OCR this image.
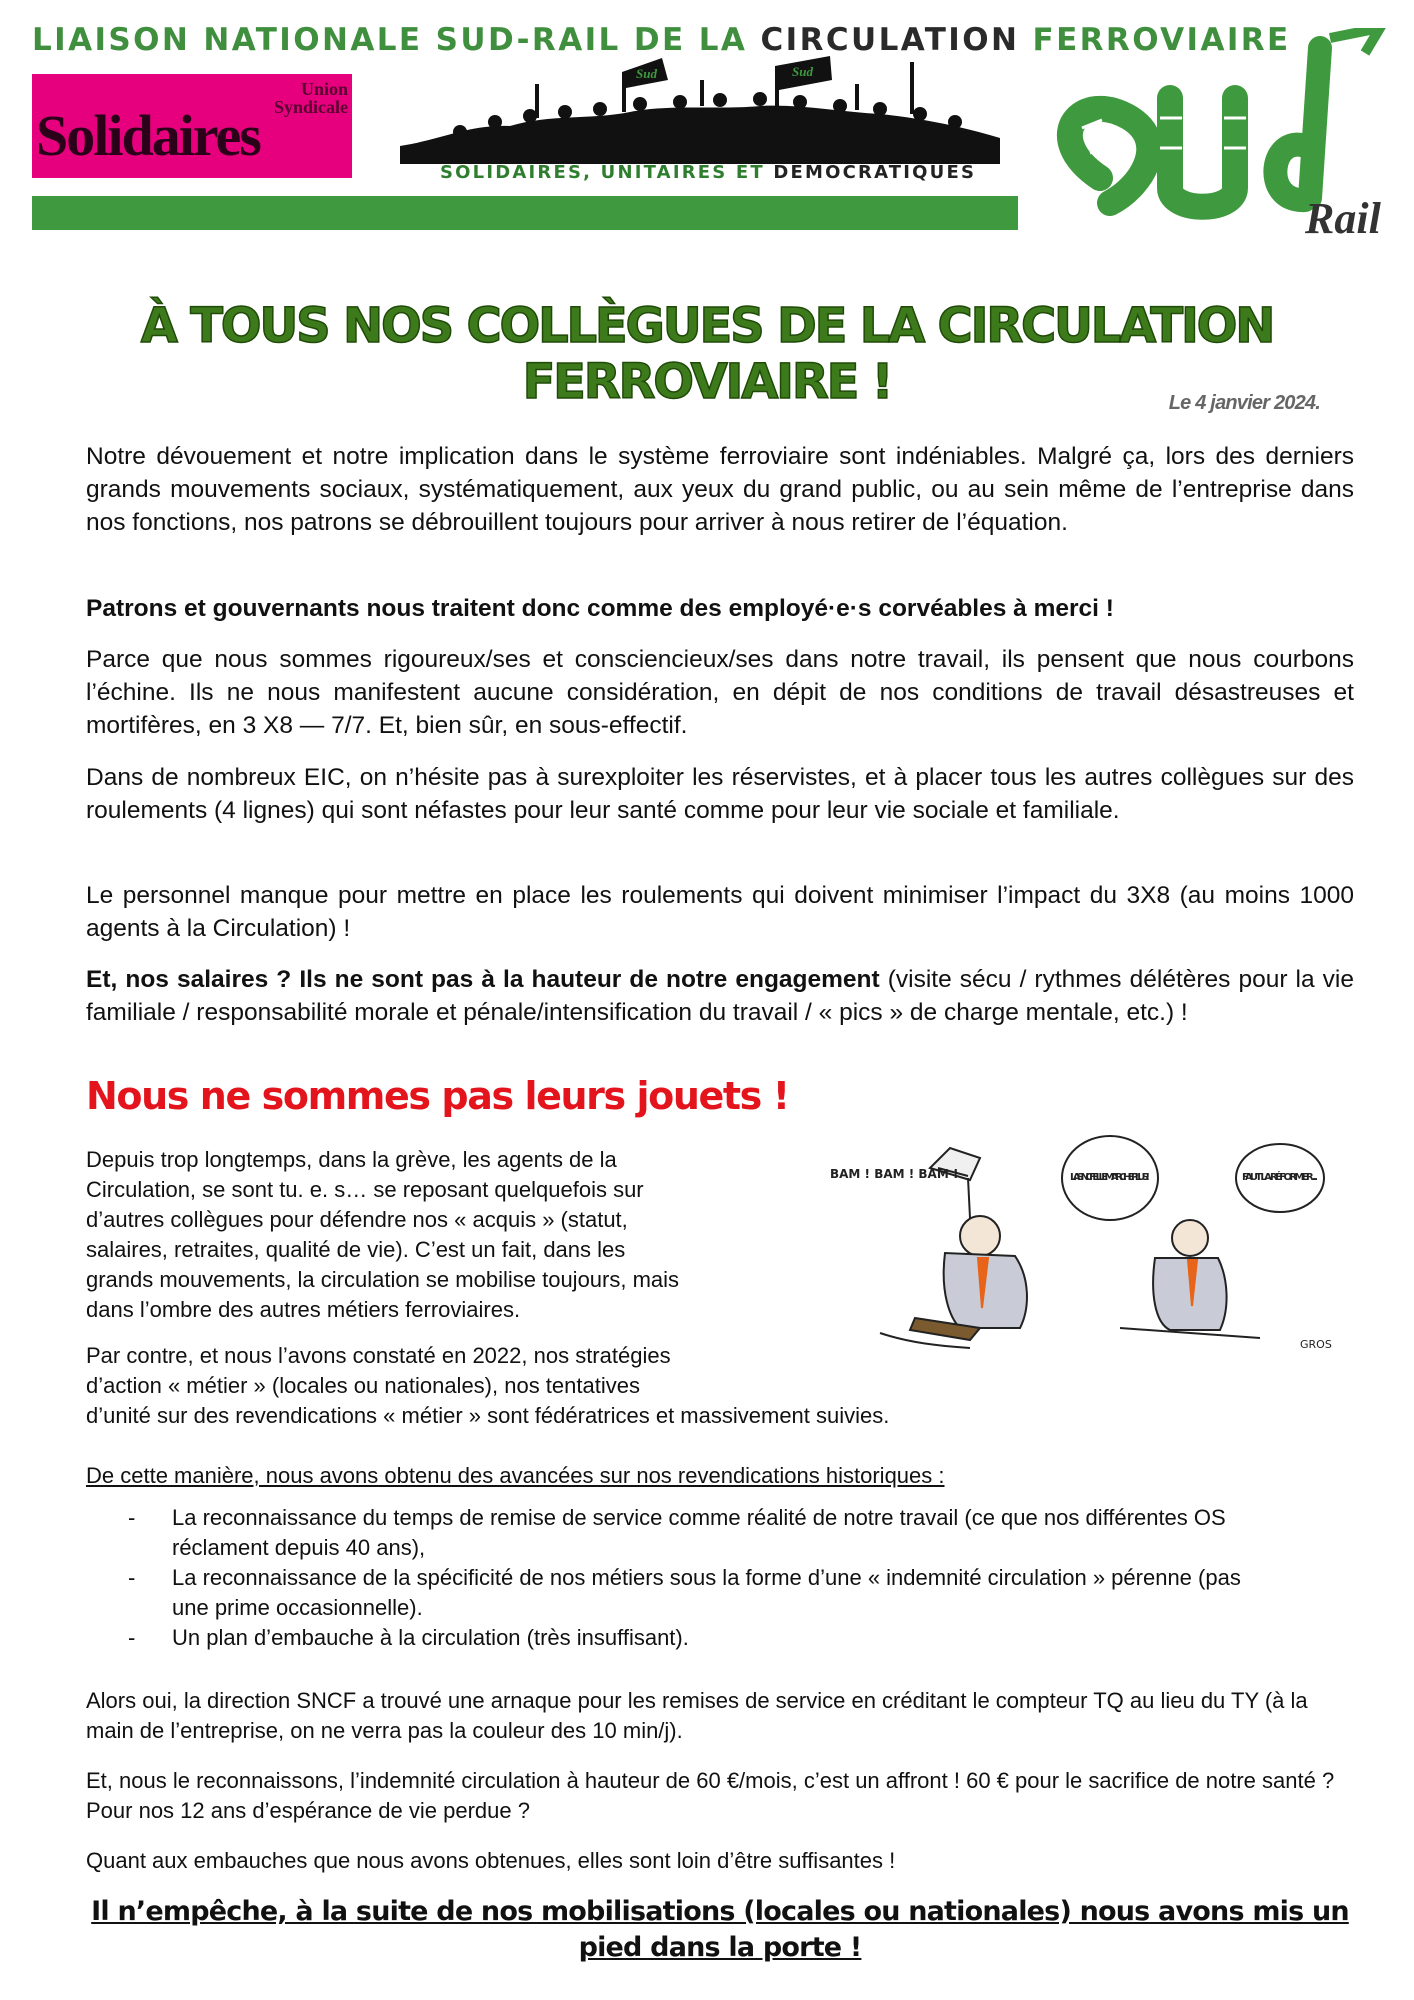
LIAISON NATIONALE SUD-RAIL DE LA CIRCULATION FERROVIAIRE
Union Syndicale
Solidaires
Sud	Sud
SOLIDAIRES, UNITAIRES ET DEMOCRATIQUES
Rail
À TOUS NOS COLLÈGUES DE LA CIRCULATION FERROVIAIRE !	Le 4 janvier 2024.

Notre dévouement et notre implication dans le système ferroviaire sont indéniables. Malgré ça, lors des derniers grands mouvements sociaux, systématiquement, aux yeux du grand public, ou au sein même de l’entreprise dans nos fonctions, nos patrons se débrouillent toujours pour arriver à nous retirer de l’équation.

Patrons et gouvernants nous traitent donc comme des employé·e·s corvéables à merci !

Parce que nous sommes rigoureux/ses et consciencieux/ses dans notre travail, ils pensent que nous courbons l’échine. Ils ne nous manifestent aucune considération, en dépit de nos conditions de travail désastreuses et mortifères, en 3 X8 — 7/7. Et, bien sûr, en sous-effectif.

Dans de nombreux EIC, on n’hésite pas à surexploiter les réservistes, et à placer tous les autres collègues sur des roulements (4 lignes) qui sont néfastes pour leur santé comme pour leur vie sociale et familiale.

Le personnel manque pour mettre en place les roulements qui doivent minimiser l’impact du 3X8 (au moins 1000 agents à la Circulation) !

Et, nos salaires ? Ils ne sont pas à la hauteur de notre engagement (visite sécu / rythmes délétères pour la vie familiale / responsabilité morale et pénale/intensification du travail / « pics » de charge mentale, etc.) !

Nous ne sommes pas leurs jouets !
Depuis trop longtemps, dans la grève, les agents de la
Circulation, se sont tu. e. s… se reposant quelquefois sur
d’autres collègues pour défendre nos « acquis » (statut,
salaires, retraites, qualité de vie). C’est un fait, dans les
grands mouvements, la circulation se mobilise toujours, mais
dans l’ombre des autres métiers ferroviaires.
Par contre, et nous l’avons constaté en 2022, nos stratégies
d’action « métier » (locales ou nationales), nos tentatives
d’unité sur des revendications « métier » sont fédératrices et massivement suivies.
BAM ! BAM ! BAM !	LA SNCF ELLE MARCHE PLUS !	FAUT LA RÉFORMER ...
GROS

De cette manière, nous avons obtenu des avancées sur nos revendications historiques :

- La reconnaissance du temps de remise de service comme réalité de notre travail (ce que nos différentes OS réclament depuis 40 ans),
- La reconnaissance de la spécificité de nos métiers sous la forme d’une « indemnité circulation » pérenne (pas une prime occasionnelle).
- Un plan d’embauche à la circulation (très insuffisant).

Alors oui, la direction SNCF a trouvé une arnaque pour les remises de service en créditant le compteur TQ au lieu du TY (à la main de l’entreprise, on ne verra pas la couleur des 10 min/j).

Et, nous le reconnaissons, l’indemnité circulation à hauteur de 60 €/mois, c’est un affront ! 60 € pour le sacrifice de notre santé ? Pour nos 12 ans d’espérance de vie perdue ?

Quant aux embauches que nous avons obtenues, elles sont loin d’être suffisantes !

Il n’empêche, à la suite de nos mobilisations (locales ou nationales) nous avons mis un pied dans la porte !
